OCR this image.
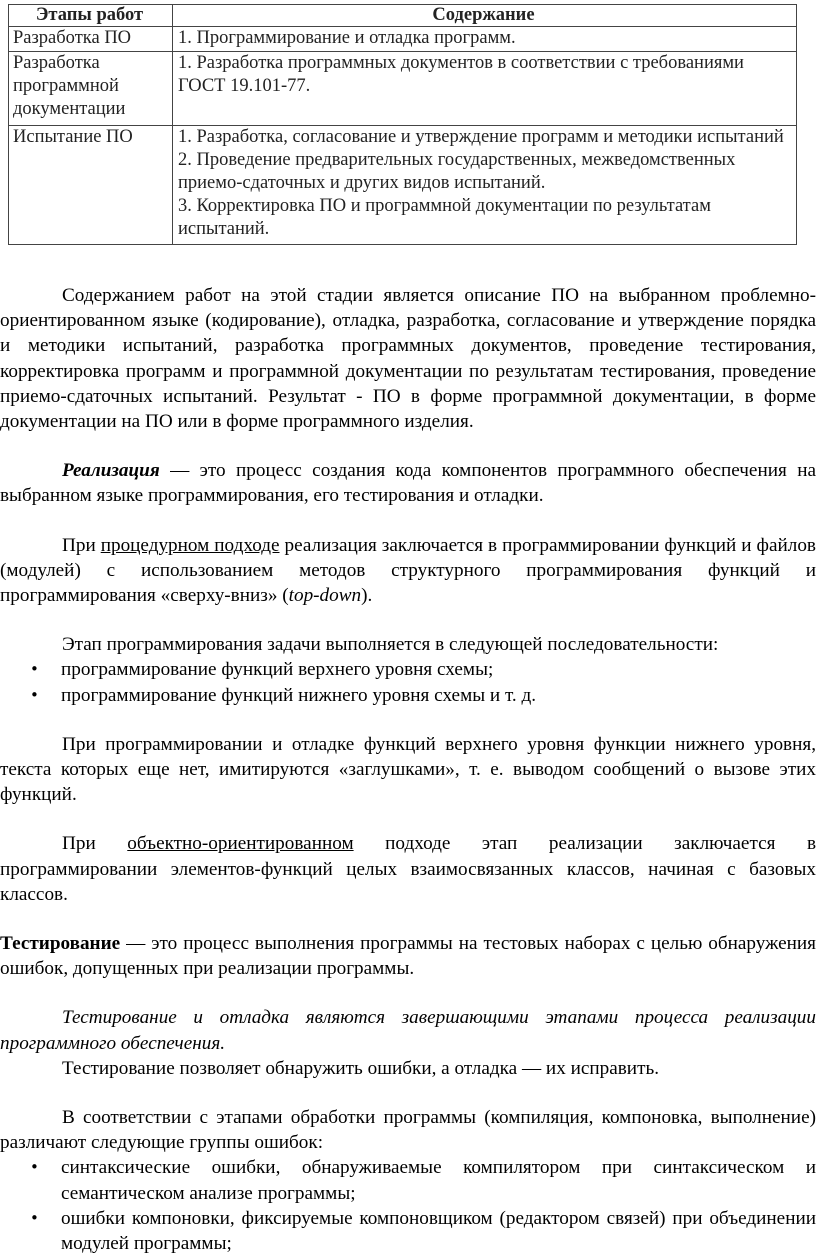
Этапы работ	Содержание
Разработка ПО	1. Программирование и отладка программ.

Разработка программной документации	1. Разработка программных документов в соответствии с требованиями ГОСТ 19.101-77.

Испытание ПО	1. Разработка, согласование и утверждение программ и методики испытаний
2. Проведение предварительных государственных, межведомственных приемо-сдаточных и других видов испытаний.
3. Корректировка ПО и программной документации по результатам испытаний.

Содержанием работ на этой стадии является описание ПО на выбранном проблемно-ориентированном языке (кодирование), отладка, разработка, согласование и утверждение порядка и методики испытаний, разработка программных документов, проведение тестирования, корректировка программ и программной документации по результатам тестирования, проведение приемо-сдаточных испытаний. Результат - ПО в форме программной документации, в форме документации на ПО или в форме программного изделия.

Реализация — это процесс создания кода компонентов программного обеспечения на выбранном языке программирования, его тестирования и отладки.

При процедурном подходе реализация заключается в программировании функций и файлов (модулей) с использованием методов структурного программирования функций и программирования «сверху-вниз» (top-down).

Этап программирования задачи выполняется в следующей последовательности:

• программирование функций верхнего уровня схемы;
• программирование функций нижнего уровня схемы и т. д.

При программировании и отладке функций верхнего уровня функции нижнего уровня, текста которых еще нет, имитируются «заглушками», т. е. выводом сообщений о вызове этих функций.

При объектно-ориентированном подходе этап реализации заключается в программировании элементов-функций целых взаимосвязанных классов, начиная с базовых классов.

Тестирование — это процесс выполнения программы на тестовых наборах с целью обнаружения ошибок, допущенных при реализации программы.

Тестирование и отладка являются завершающими этапами процесса реализации программного обеспечения.

Тестирование позволяет обнаружить ошибки, а отладка — их исправить.

В соответствии с этапами обработки программы (компиляция, компоновка, выполнение) различают следующие группы ошибок:

• синтаксические ошибки, обнаруживаемые компилятором при синтаксическом и семантическом анализе программы;
• ошибки компоновки, фиксируемые компоновщиком (редактором связей) при объединении модулей программы;
